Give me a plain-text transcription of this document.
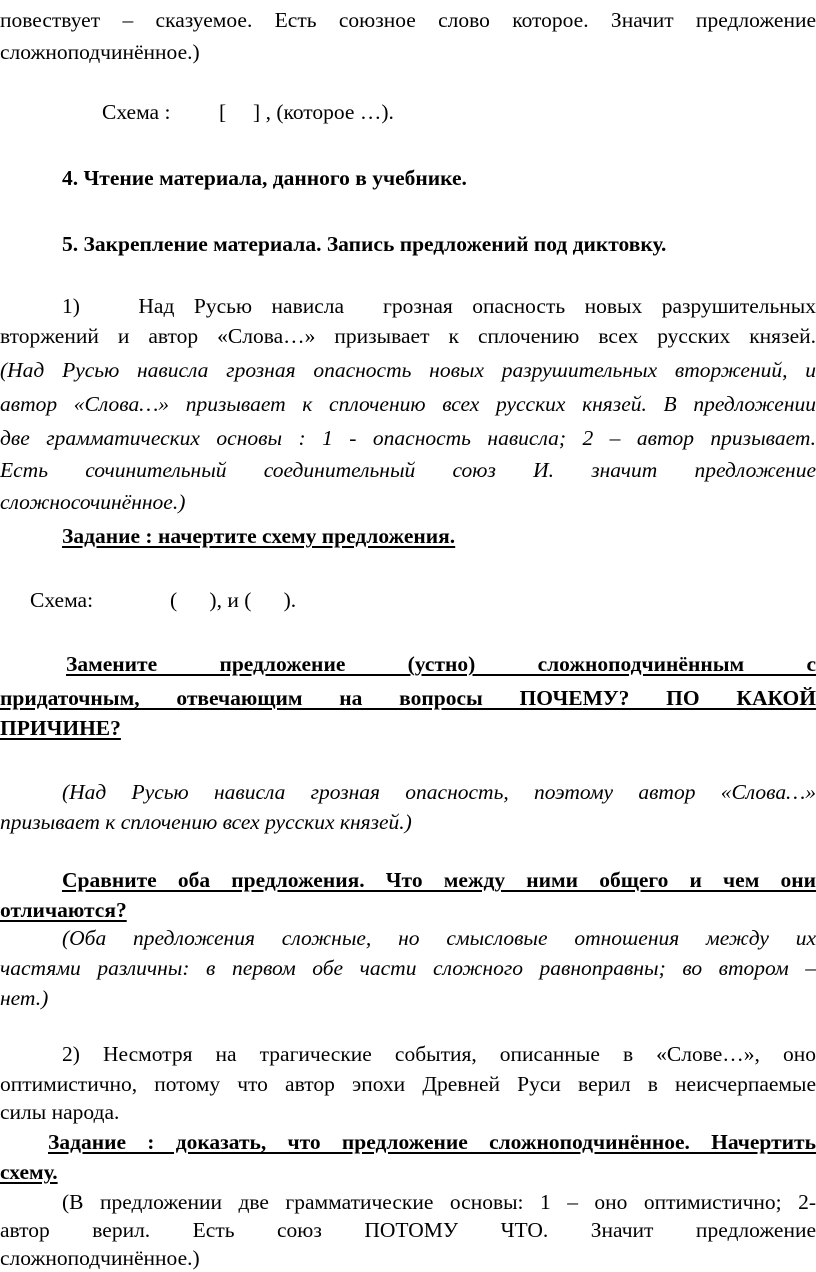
повествует – сказуемое. Есть союзное слово которое. Значит предложение
сложноподчинённое.)
Схема : [     ] , (которое …).
4. Чтение материала, данного в учебнике.
5. Закрепление материала. Запись предложений под диктовку.
1)   Над Русью нависла  грозная опасность новых разрушительных
вторжений и автор «Слова…» призывает к сплочению всех русских князей.
(Над Русью нависла грозная опасность новых разрушительных вторжений, и
автор «Слова…» призывает к сплочению всех русских князей. В предложении
две грамматических основы : 1 - опасность нависла; 2 – автор призывает.
Есть сочинительный соединительный союз И. значит предложение
сложносочинённое.)
Задание : начертите схему предложения.
Схема:	(      ), и (      ).
Замените предложение (устно) сложноподчинённым с
придаточным, отвечающим на вопросы ПОЧЕМУ? ПО КАКОЙ
ПРИЧИНЕ?
(Над Русью нависла грозная опасность, поэтому автор «Слова…»
призывает к сплочению всех русских князей.)
Сравните оба предложения. Что между ними общего и чем они
отличаются?
(Оба предложения сложные, но смысловые отношения между их
частями различны: в первом обе части сложного равноправны; во втором –
нет.)
2) Несмотря на трагические события, описанные в «Слове…», оно
оптимистично, потому что автор эпохи Древней Руси верил в неисчерпаемые
силы народа.
Задание : доказать, что предложение сложноподчинённое. Начертить
схему.
(В предложении две грамматические основы: 1 – оно оптимистично; 2-
автор верил. Есть союз ПОТОМУ ЧТО. Значит предложение
сложноподчинённое.)
